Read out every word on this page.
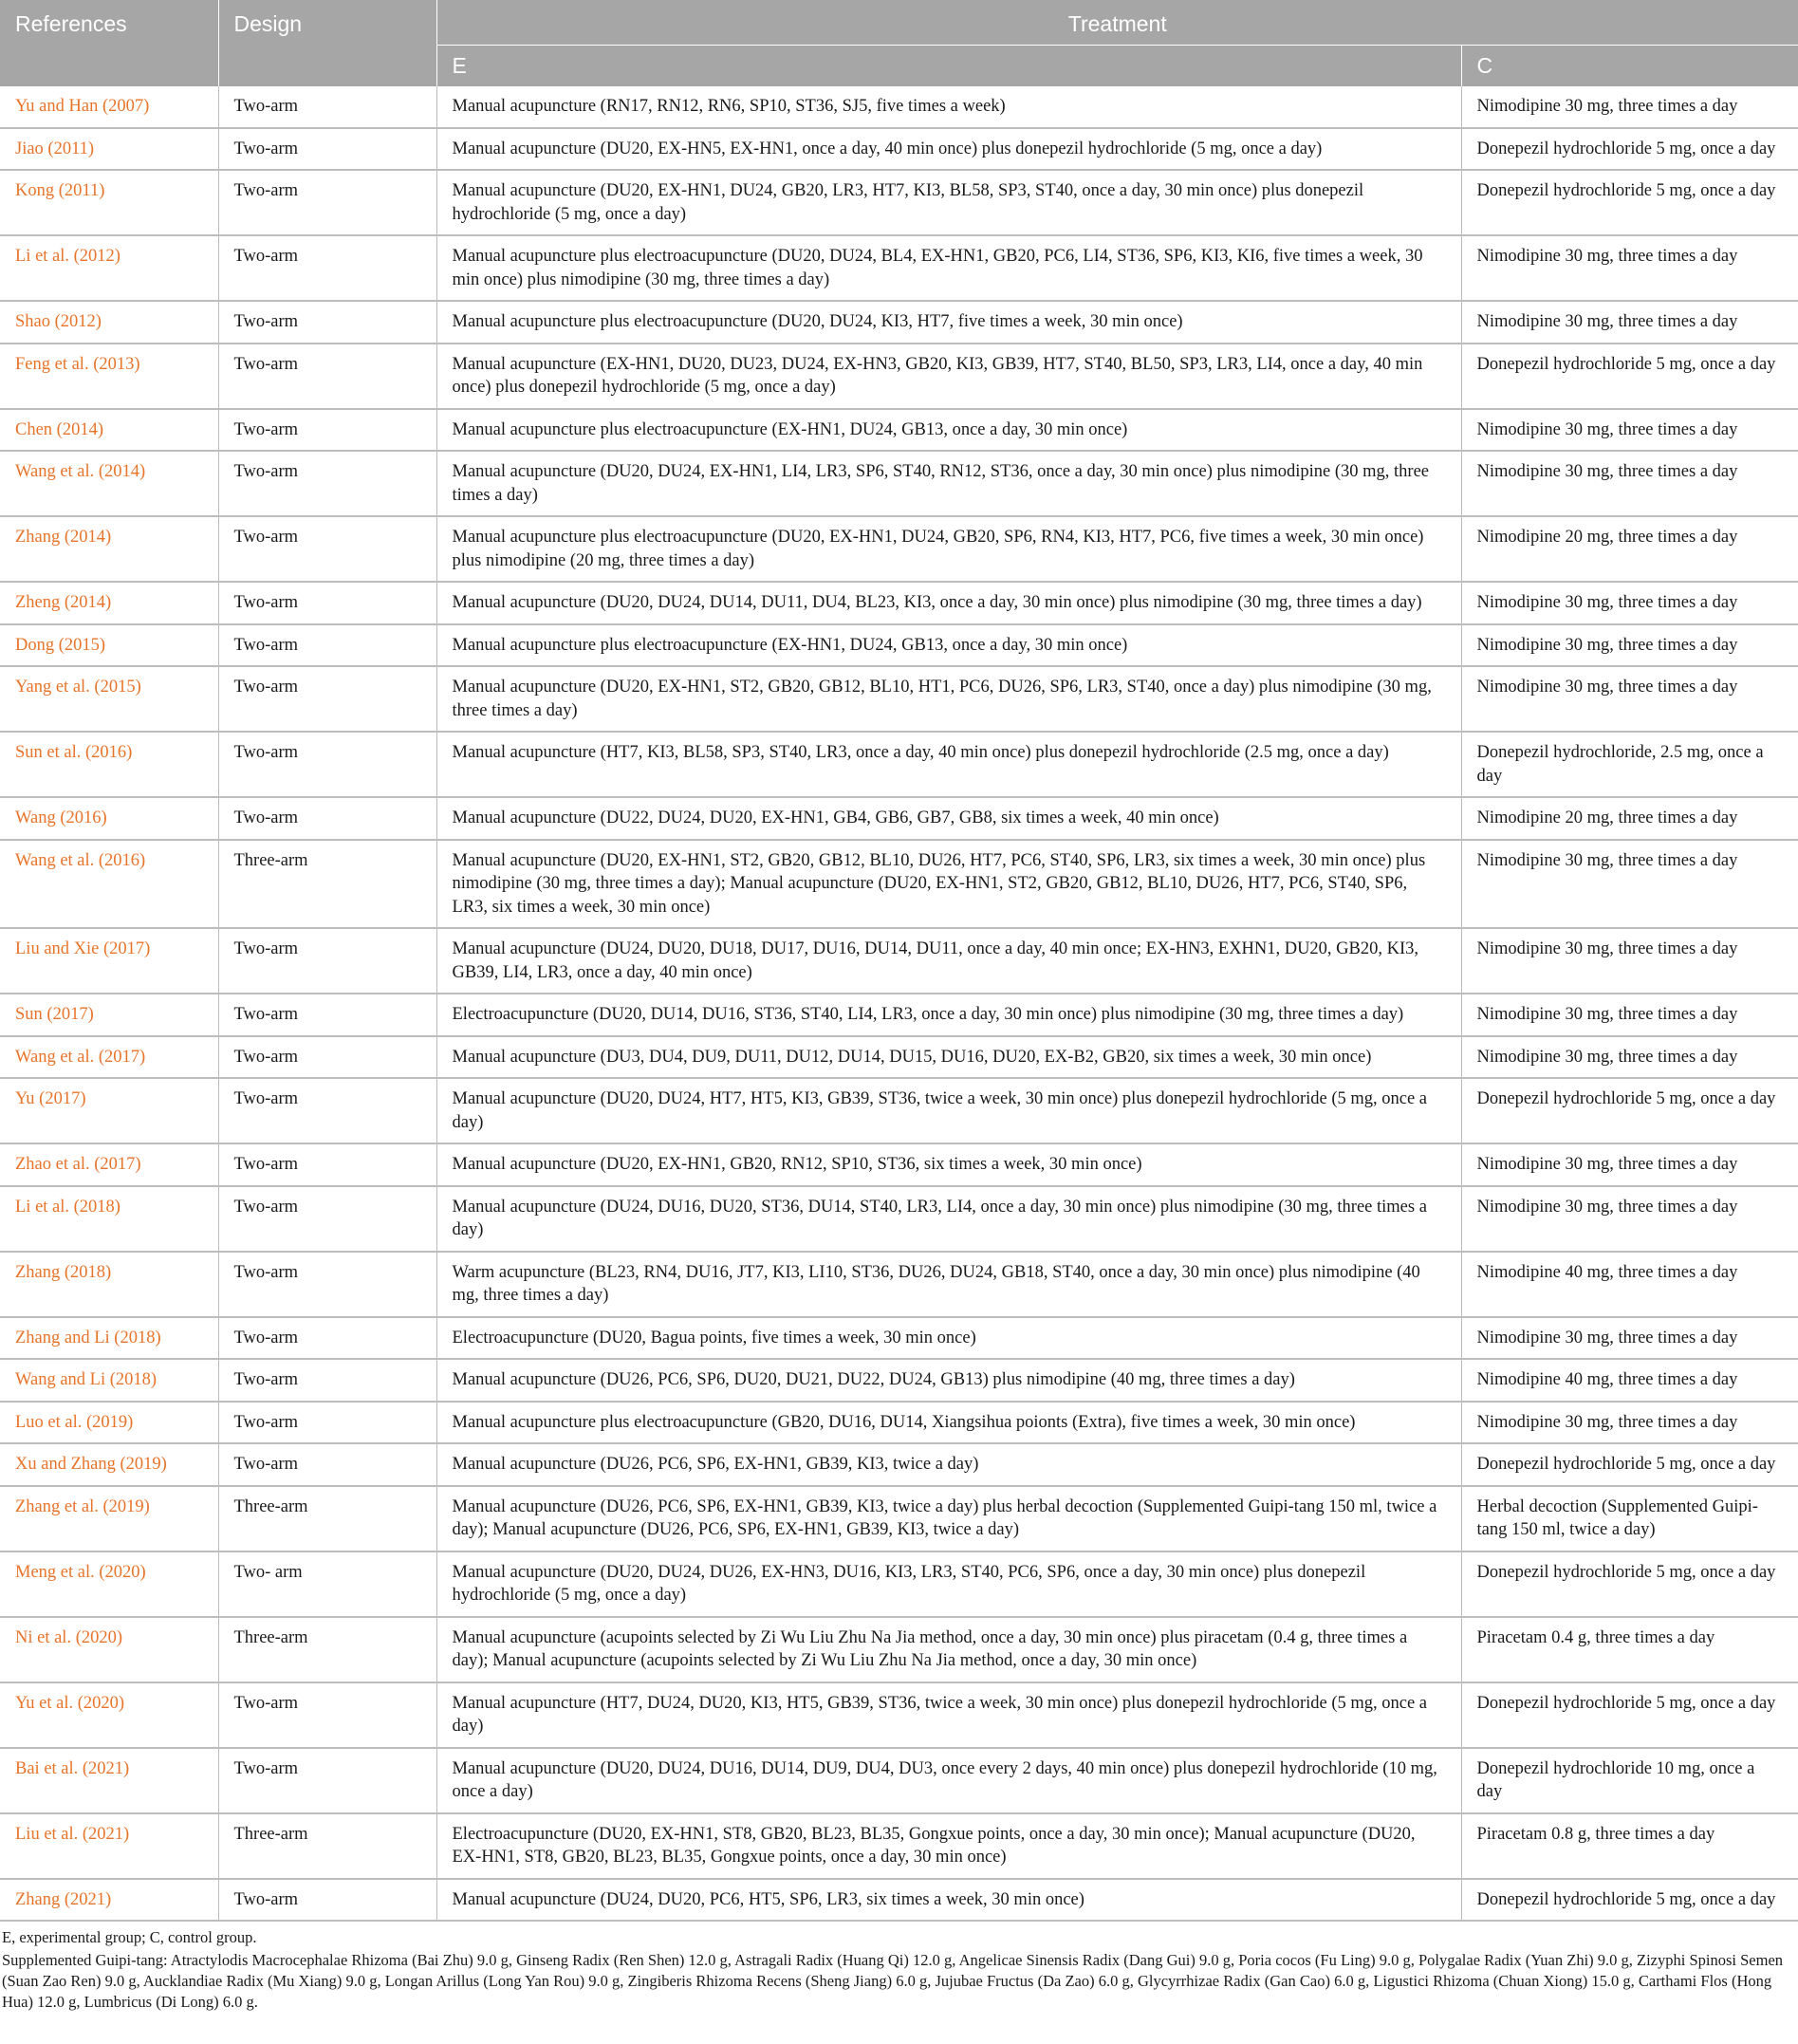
References	Design	Treatment	
		E	C
Yu and Han (2007)	Two-arm	Manual acupuncture (RN17, RN12, RN6, SP10, ST36, SJ5, five times a week)	Nimodipine 30 mg, three times a day
Jiao (2011)	Two-arm	Manual acupuncture (DU20, EX-HN5, EX-HN1, once a day, 40 min once) plus donepezil hydrochloride (5 mg, once a day)	Donepezil hydrochloride 5 mg, once a day
Kong (2011)	Two-arm	Manual acupuncture (DU20, EX-HN1, DU24, GB20, LR3, HT7, KI3, BL58, SP3, ST40, once a day, 30 min once) plus donepezil hydrochloride (5 mg, once a day)	Donepezil hydrochloride 5 mg, once a day
Li et al. (2012)	Two-arm	Manual acupuncture plus electroacupuncture (DU20, DU24, BL4, EX-HN1, GB20, PC6, LI4, ST36, SP6, KI3, KI6, five times a week, 30 min once) plus nimodipine (30 mg, three times a day)	Nimodipine 30 mg, three times a day
Shao (2012)	Two-arm	Manual acupuncture plus electroacupuncture (DU20, DU24, KI3, HT7, five times a week, 30 min once)	Nimodipine 30 mg, three times a day
Feng et al. (2013)	Two-arm	Manual acupuncture (EX-HN1, DU20, DU23, DU24, EX-HN3, GB20, KI3, GB39, HT7, ST40, BL50, SP3, LR3, LI4, once a day, 40 min once) plus donepezil hydrochloride (5 mg, once a day)	Donepezil hydrochloride 5 mg, once a day
Chen (2014)	Two-arm	Manual acupuncture plus electroacupuncture (EX-HN1, DU24, GB13, once a day, 30 min once)	Nimodipine 30 mg, three times a day
Wang et al. (2014)	Two-arm	Manual acupuncture (DU20, DU24, EX-HN1, LI4, LR3, SP6, ST40, RN12, ST36, once a day, 30 min once) plus nimodipine (30 mg, three times a day)	Nimodipine 30 mg, three times a day
Zhang (2014)	Two-arm	Manual acupuncture plus electroacupuncture (DU20, EX-HN1, DU24, GB20, SP6, RN4, KI3, HT7, PC6, five times a week, 30 min once) plus nimodipine (20 mg, three times a day)	Nimodipine 20 mg, three times a day
Zheng (2014)	Two-arm	Manual acupuncture (DU20, DU24, DU14, DU11, DU4, BL23, KI3, once a day, 30 min once) plus nimodipine (30 mg, three times a day)	Nimodipine 30 mg, three times a day
Dong (2015)	Two-arm	Manual acupuncture plus electroacupuncture (EX-HN1, DU24, GB13, once a day, 30 min once)	Nimodipine 30 mg, three times a day
Yang et al. (2015)	Two-arm	Manual acupuncture (DU20, EX-HN1, ST2, GB20, GB12, BL10, HT1, PC6, DU26, SP6, LR3, ST40, once a day) plus nimodipine (30 mg, three times a day)	Nimodipine 30 mg, three times a day
Sun et al. (2016)	Two-arm	Manual acupuncture (HT7, KI3, BL58, SP3, ST40, LR3, once a day, 40 min once) plus donepezil hydrochloride (2.5 mg, once a day)	Donepezil hydrochloride, 2.5 mg, once a day
Wang (2016)	Two-arm	Manual acupuncture (DU22, DU24, DU20, EX-HN1, GB4, GB6, GB7, GB8, six times a week, 40 min once)	Nimodipine 20 mg, three times a day
Wang et al. (2016)	Three-arm	Manual acupuncture (DU20, EX-HN1, ST2, GB20, GB12, BL10, DU26, HT7, PC6, ST40, SP6, LR3, six times a week, 30 min once) plus nimodipine (30 mg, three times a day); Manual acupuncture (DU20, EX-HN1, ST2, GB20, GB12, BL10, DU26, HT7, PC6, ST40, SP6, LR3, six times a week, 30 min once)	Nimodipine 30 mg, three times a day
Liu and Xie (2017)	Two-arm	Manual acupuncture (DU24, DU20, DU18, DU17, DU16, DU14, DU11, once a day, 40 min once; EX-HN3, EXHN1, DU20, GB20, KI3, GB39, LI4, LR3, once a day, 40 min once)	Nimodipine 30 mg, three times a day
Sun (2017)	Two-arm	Electroacupuncture (DU20, DU14, DU16, ST36, ST40, LI4, LR3, once a day, 30 min once) plus nimodipine (30 mg, three times a day)	Nimodipine 30 mg, three times a day
Wang et al. (2017)	Two-arm	Manual acupuncture (DU3, DU4, DU9, DU11, DU12, DU14, DU15, DU16, DU20, EX-B2, GB20, six times a week, 30 min once)	Nimodipine 30 mg, three times a day
Yu (2017)	Two-arm	Manual acupuncture (DU20, DU24, HT7, HT5, KI3, GB39, ST36, twice a week, 30 min once) plus donepezil hydrochloride (5 mg, once a day)	Donepezil hydrochloride 5 mg, once a day
Zhao et al. (2017)	Two-arm	Manual acupuncture (DU20, EX-HN1, GB20, RN12, SP10, ST36, six times a week, 30 min once)	Nimodipine 30 mg, three times a day
Li et al. (2018)	Two-arm	Manual acupuncture (DU24, DU16, DU20, ST36, DU14, ST40, LR3, LI4, once a day, 30 min once) plus nimodipine (30 mg, three times a day)	Nimodipine 30 mg, three times a day
Zhang (2018)	Two-arm	Warm acupuncture (BL23, RN4, DU16, JT7, KI3, LI10, ST36, DU26, DU24, GB18, ST40, once a day, 30 min once) plus nimodipine (40 mg, three times a day)	Nimodipine 40 mg, three times a day
Zhang and Li (2018)	Two-arm	Electroacupuncture (DU20, Bagua points, five times a week, 30 min once)	Nimodipine 30 mg, three times a day
Wang and Li (2018)	Two-arm	Manual acupuncture (DU26, PC6, SP6, DU20, DU21, DU22, DU24, GB13) plus nimodipine (40 mg, three times a day)	Nimodipine 40 mg, three times a day
Luo et al. (2019)	Two-arm	Manual acupuncture plus electroacupuncture (GB20, DU16, DU14, Xiangsihua poionts (Extra), five times a week, 30 min once)	Nimodipine 30 mg, three times a day
Xu and Zhang (2019)	Two-arm	Manual acupuncture (DU26, PC6, SP6, EX-HN1, GB39, KI3, twice a day)	Donepezil hydrochloride 5 mg, once a day
Zhang et al. (2019)	Three-arm	Manual acupuncture (DU26, PC6, SP6, EX-HN1, GB39, KI3, twice a day) plus herbal decoction (Supplemented Guipi-tang 150 ml, twice a day); Manual acupuncture (DU26, PC6, SP6, EX-HN1, GB39, KI3, twice a day)	Herbal decoction (Supplemented Guipi-tang 150 ml, twice a day)
Meng et al. (2020)	Two- arm	Manual acupuncture (DU20, DU24, DU26, EX-HN3, DU16, KI3, LR3, ST40, PC6, SP6, once a day, 30 min once) plus donepezil hydrochloride (5 mg, once a day)	Donepezil hydrochloride 5 mg, once a day
Ni et al. (2020)	Three-arm	Manual acupuncture (acupoints selected by Zi Wu Liu Zhu Na Jia method, once a day, 30 min once) plus piracetam (0.4 g, three times a day); Manual acupuncture (acupoints selected by Zi Wu Liu Zhu Na Jia method, once a day, 30 min once)	Piracetam 0.4 g, three times a day
Yu et al. (2020)	Two-arm	Manual acupuncture (HT7, DU24, DU20, KI3, HT5, GB39, ST36, twice a week, 30 min once) plus donepezil hydrochloride (5 mg, once a day)	Donepezil hydrochloride 5 mg, once a day
Bai et al. (2021)	Two-arm	Manual acupuncture (DU20, DU24, DU16, DU14, DU9, DU4, DU3, once every 2 days, 40 min once) plus donepezil hydrochloride (10 mg, once a day)	Donepezil hydrochloride 10 mg, once a day
Liu et al. (2021)	Three-arm	Electroacupuncture (DU20, EX-HN1, ST8, GB20, BL23, BL35, Gongxue points, once a day, 30 min once); Manual acupuncture (DU20, EX-HN1, ST8, GB20, BL23, BL35, Gongxue points, once a day, 30 min once)	Piracetam 0.8 g, three times a day
Zhang (2021)	Two-arm	Manual acupuncture (DU24, DU20, PC6, HT5, SP6, LR3, six times a week, 30 min once)	Donepezil hydrochloride 5 mg, once a day

E, experimental group; C, control group.

Supplemented Guipi-tang: Atractylodis Macrocephalae Rhizoma (Bai Zhu) 9.0 g, Ginseng Radix (Ren Shen) 12.0 g, Astragali Radix (Huang Qi) 12.0 g, Angelicae Sinensis Radix (Dang Gui) 9.0 g, Poria cocos (Fu Ling) 9.0 g, Polygalae Radix (Yuan Zhi) 9.0 g, Zizyphi Spinosi Semen (Suan Zao Ren) 9.0 g, Aucklandiae Radix (Mu Xiang) 9.0 g, Longan Arillus (Long Yan Rou) 9.0 g, Zingiberis Rhizoma Recens (Sheng Jiang) 6.0 g, Jujubae Fructus (Da Zao) 6.0 g, Glycyrrhizae Radix (Gan Cao) 6.0 g, Ligustici Rhizoma (Chuan Xiong) 15.0 g, Carthami Flos (Hong Hua) 12.0 g, Lumbricus (Di Long) 6.0 g.
